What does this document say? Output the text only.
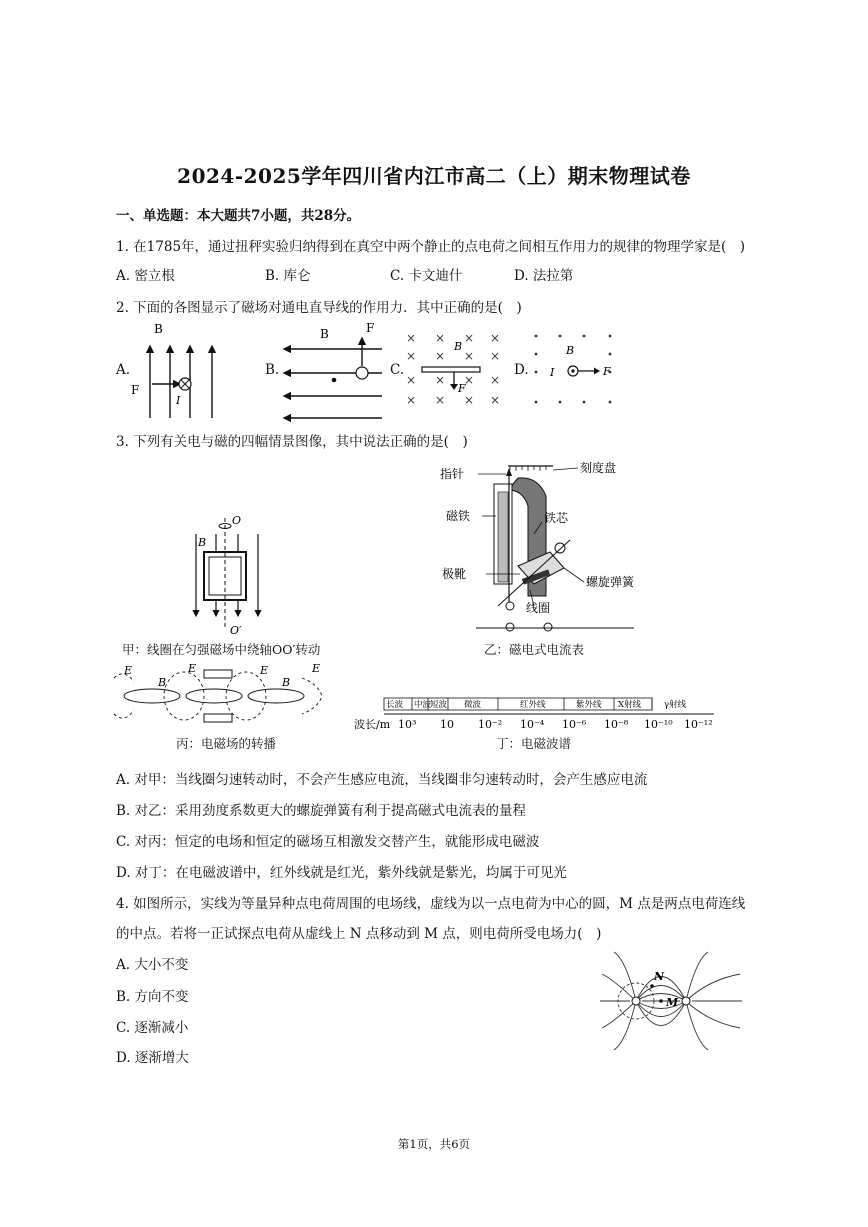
2024-2025学年四川省内江市高二（上）期末物理试卷
一、单选题：本大题共7小题，共28分。
1. 在1785年，通过扭秤实验归纳得到在真空中两个静止的点电荷之间相互作用力的规律的物理学家是(　)
A. 密立根	B. 库仑	C. 卡文迪什	D. 法拉第
2. 下面的各图显示了磁场对通电直导线的作用力．其中正确的是(　)
A.	B.	C.	D.
B
F
I
B	F
× × × ×
× × × ×
× × × ×
× × × ×
B
F
B
I	F
3. 下列有关电与磁的四幅情景图像，其中说法正确的是(　)
O
O′
B
甲：线圈在匀强磁场中绕轴OO′转动
指针	刻度盘
磁铁	铁芯
极靴
螺旋弹簧
线圈
乙：磁电式电流表
E	E	E	E
B	B
丙：电磁场的转播
长波 中波
短波 微波	红外线	紫外线 X射线	γ射线
波长/m 10³ 10 10⁻² 10⁻⁴ 10⁻⁶ 10⁻⁸ 10⁻¹⁰ 10⁻¹²
丁：电磁波谱
A. 对甲：当线圈匀速转动时，不会产生感应电流，当线圈非匀速转动时，会产生感应电流
B. 对乙：采用劲度系数更大的螺旋弹簧有利于提高磁式电流表的量程
C. 对丙：恒定的电场和恒定的磁场互相激发交替产生，就能形成电磁波
D. 对丁：在电磁波谱中，红外线就是红光，紫外线就是紫光，均属于可见光
4. 如图所示，实线为等量异种点电荷周围的电场线，虚线为以一点电荷为中心的圆，M 点是两点电荷连线
的中点。若将一正试探点电荷从虚线上 N 点移动到 M 点，则电荷所受电场力(　)
A. 大小不变
B. 方向不变
C. 逐渐减小
D. 逐渐增大
N
M
第1页，共6页
